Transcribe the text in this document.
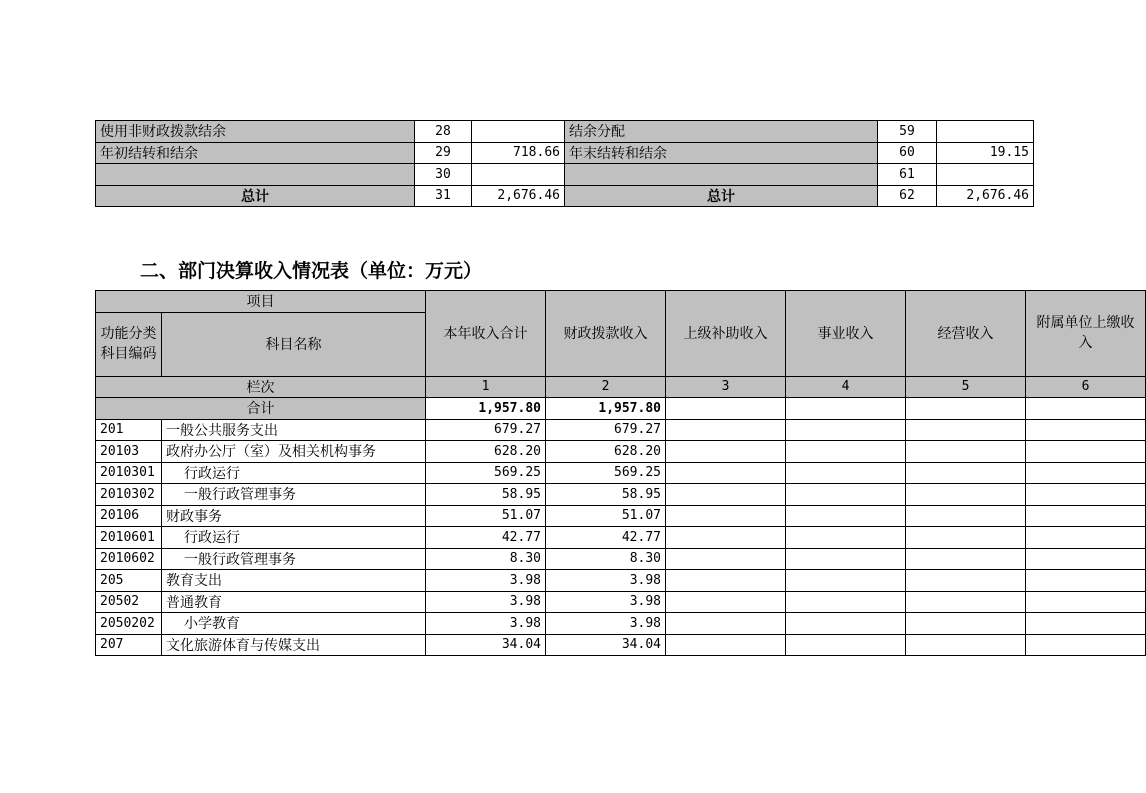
使用非财政拨款结余	28		结余分配	59	
年初结转和结余	29	718.66	年末结转和结余	60	19.15
	30			61	
总计	31	2,676.46	总计	62	2,676.46
二、部门决算收入情况表（单位：万元）
项目		本年收入合计	财政拨款收入	上级补助收入	事业收入	经营收入	附属单位上缴收入
功能分类科目编码	科目名称						
栏次		1	2	3	4	5	6
合计		1,957.80	1,957.80				
201	一般公共服务支出	679.27	679.27				
20103	政府办公厅（室）及相关机构事务	628.20	628.20				
2010301	行政运行	569.25	569.25				
2010302	一般行政管理事务	58.95	58.95				
20106	财政事务	51.07	51.07				
2010601	行政运行	42.77	42.77				
2010602	一般行政管理事务	8.30	8.30				
205	教育支出	3.98	3.98				
20502	普通教育	3.98	3.98				
2050202	小学教育	3.98	3.98				
207	文化旅游体育与传媒支出	34.04	34.04				
